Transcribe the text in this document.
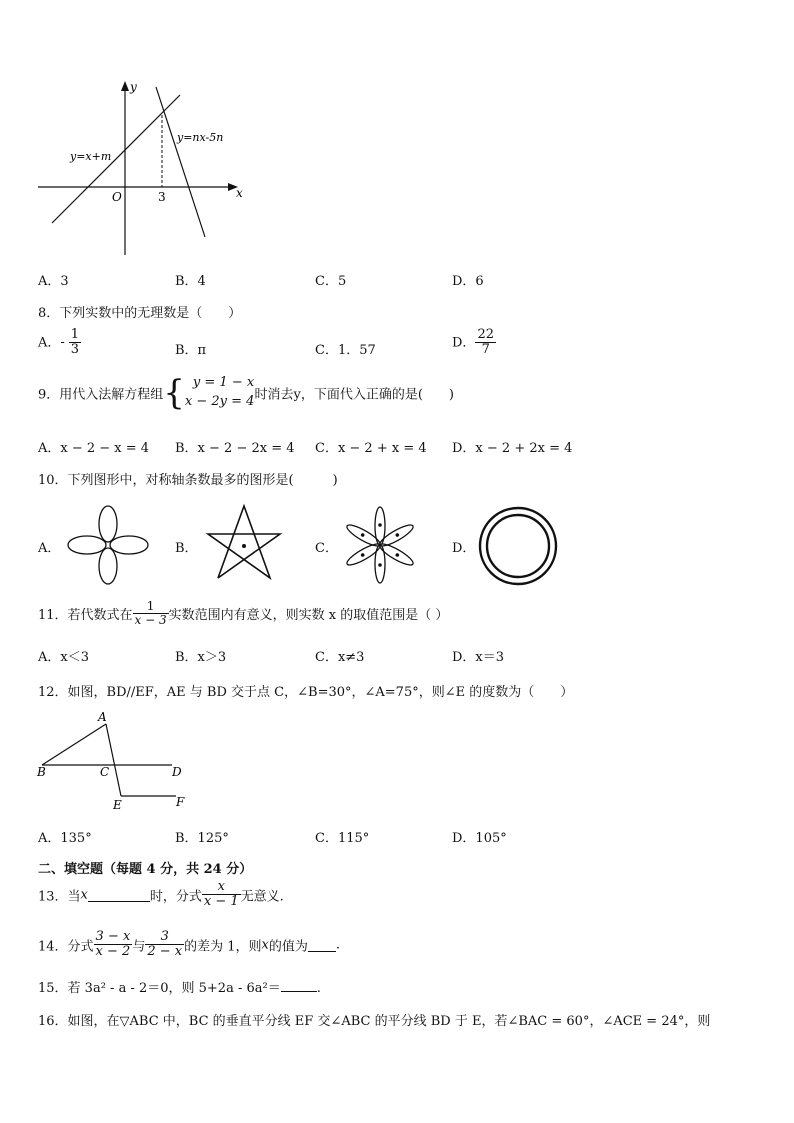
y
x
O	3
y=x+m
y=nx-5n
A．3	B．4	C．5	D．6
8．下列实数中的无理数是（　　）
A．- $\frac{1}{3}$	B．π	C．1．57
D． $\frac{22}{7}$
9．用代入法解方程组{ y = 1 − x
x − 2y = 4 时消去y，下面代入正确的是(　　)
A．x − 2 − x = 4 B．x − 2 − 2x = 4 C．x − 2 + x = 4 D．x − 2 + 2x = 4
10．下列图形中，对称轴条数最多的图形是(　　　)
A．	B．	C．	D．
11．若代数式在 $\frac{1}{x - 3}$ 实数范围内有意义，则实数 x 的取值范围是（ ）
A．x＜3	B．x＞3	C．x≠3	D．x＝3
12．如图，BD//EF，AE 与 BD 交于点 C，∠B=30°，∠A=75°，则∠E 的度数为（　　）
A
B	C	D
E	F
A．135°	B．125°	C．115°	D．105°
二、填空题（每题 4 分，共 24 分）
13．当x	时，分式 $\frac{x}{x - 1}$ 无意义.
14．分式 $\frac{3 - x}{x - 2}$ 与 $\frac{3}{2 - x}$ 的差为 1，则x的值为 .
15．若 3a² - a - 2＝0，则 5+2a - 6a²＝	.
16．如图，在▽ABC 中，BC 的垂直平分线 EF 交∠ABC 的平分线 BD 于 E，若∠BAC = 60°，∠ACE = 24°，则
